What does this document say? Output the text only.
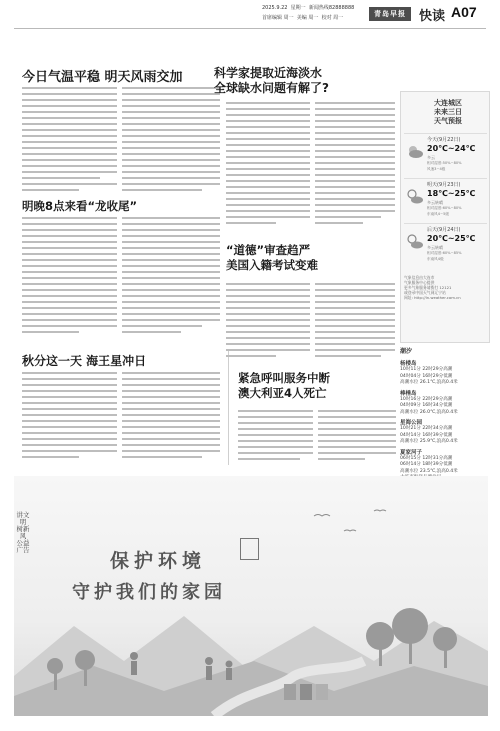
2025.9.22 星期一 新闻热线82888888
首席编辑 周一 美编 周一 校对 周一	青岛早报	快读 A07
今日气温平稳 明天风雨交加
明晚8点来看“龙收尾”
秋分这一天 海王星冲日
科学家提取近海淡水
全球缺水问题有解了?
“道德”审查趋严
美国入籍考试变难
紧急呼叫服务中断
澳大利亚4人死亡
大连城区
未来三日
天气预报
今天(9月22日)
20℃~24℃
多云
相对湿度:50%~80%
风速3~4级
明天(9月23日)
18℃~25℃
多云转晴
相对湿度:60%~80%
东南风4~5级
后天(9月24日)
20℃~25℃
多云转晴
相对湿度:60%~85%
东南风4级
气象信息由大连市
气象服务中心提供
更多气象服务请拨打 12121
或登录中国天气网辽宁站
网址: http://ln.weather.com.cn
潮汐
杨楼岛
10时11分 22时29分高潮
04时04分 16时29分低潮
高潮水位 26.1℃,浪高0.4米
棒棰岛
10时16分 22时29分高潮
04时09分 16时34分低潮
高潮水位 26.0℃,浪高0.4米
星海公园
10时21分 22时34分高潮
04时14分 16时39分低潮
高潮水位 25.9℃,浪高0.4米
夏家河子
06时15分 12时31分高潮
06时14分 18时39分低潮
高潮水位 23.5℃,浪高0.4米
讲文明 树新风 公益广告	保护环境
守护我们的家园
